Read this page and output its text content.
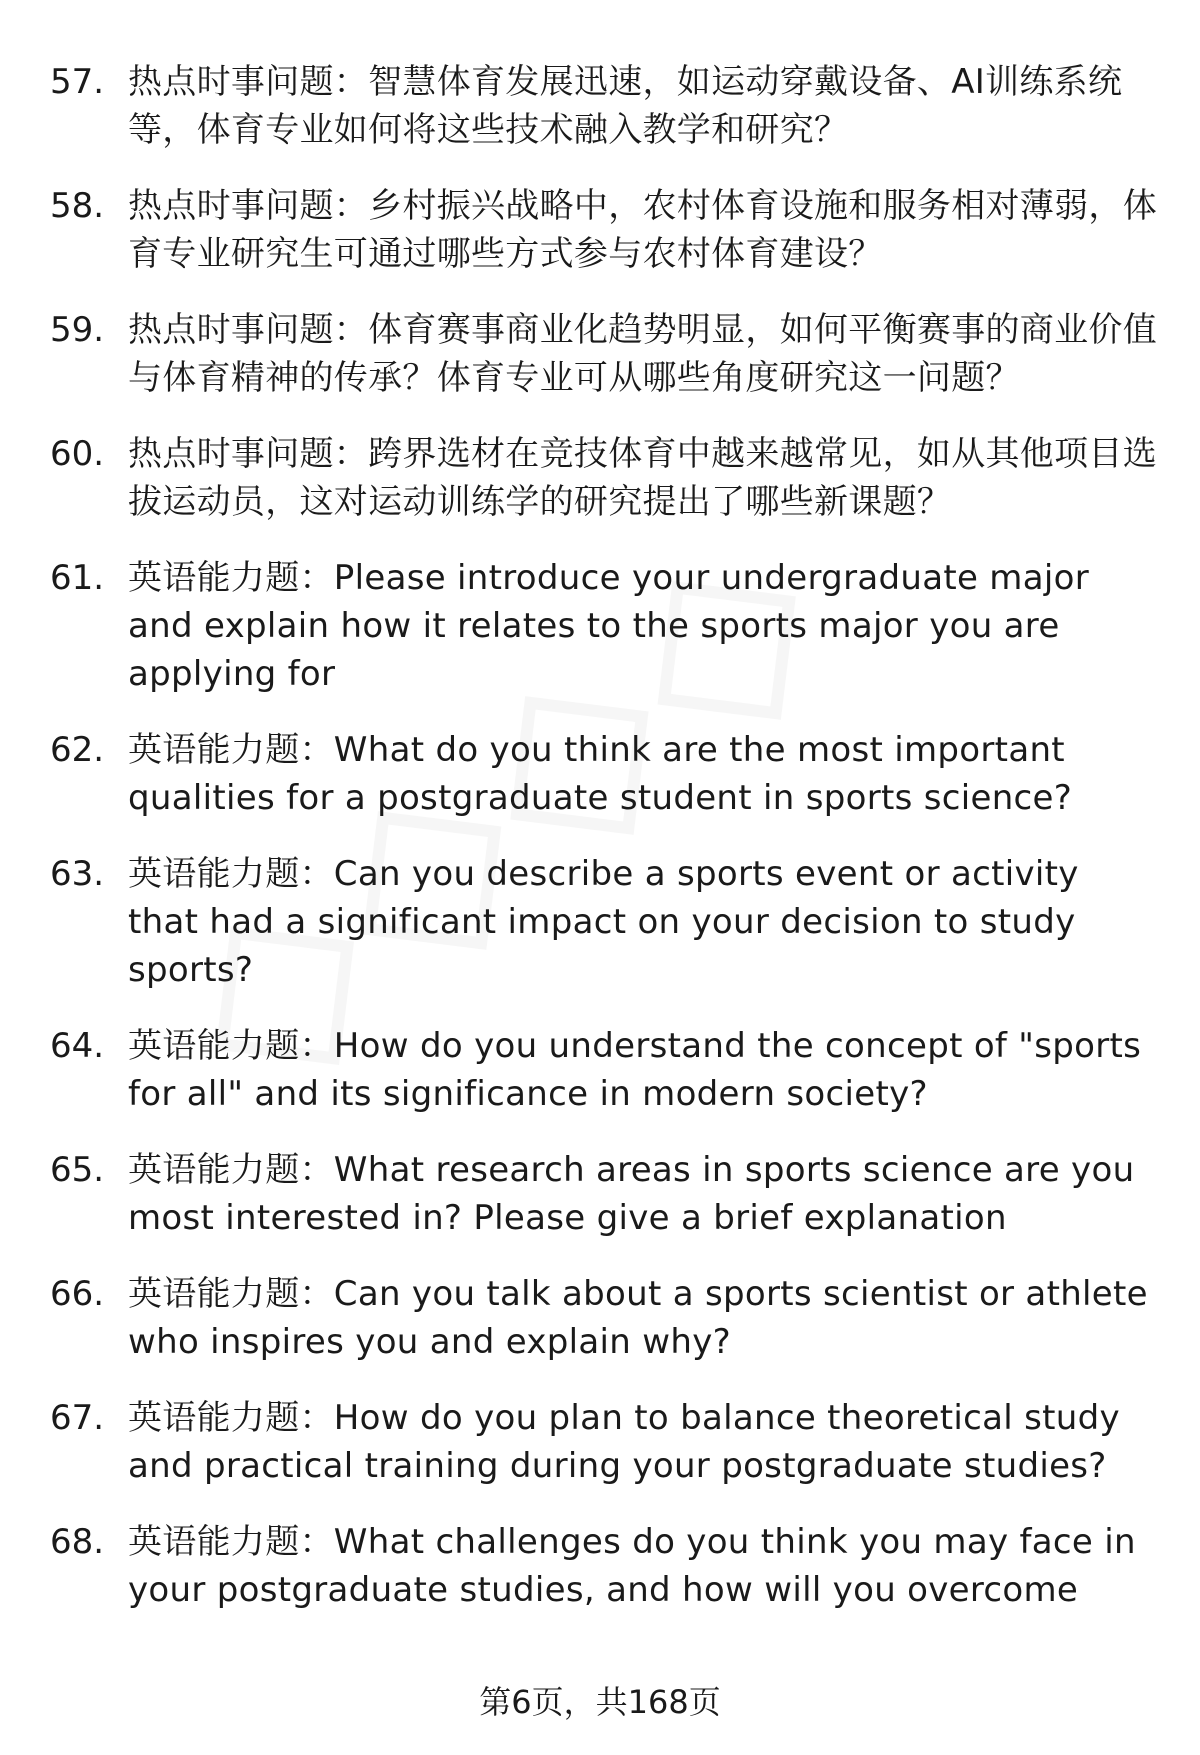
57. 热点时事问题：智慧体育发展迅速，如运动穿戴设备、AI训练系统等，体育专业如何将这些技术融入教学和研究？
58. 热点时事问题：乡村振兴战略中，农村体育设施和服务相对薄弱，体育专业研究生可通过哪些方式参与农村体育建设？
59. 热点时事问题：体育赛事商业化趋势明显，如何平衡赛事的商业价值与体育精神的传承？体育专业可从哪些角度研究这一问题？
60. 热点时事问题：跨界选材在竞技体育中越来越常见，如从其他项目选拔运动员，这对运动训练学的研究提出了哪些新课题？
61. 英语能力题：Please introduce your undergraduate major and explain how it relates to the sports major you are applying for
62. 英语能力题：What do you think are the most important qualities for a postgraduate student in sports science?
63. 英语能力题：Can you describe a sports event or activity that had a significant impact on your decision to study sports?
64. 英语能力题：How do you understand the concept of "sports for all" and its significance in modern society?
65. 英语能力题：What research areas in sports science are you most interested in? Please give a brief explanation
66. 英语能力题：Can you talk about a sports scientist or athlete who inspires you and explain why?
67. 英语能力题：How do you plan to balance theoretical study and practical training during your postgraduate studies?
68. 英语能力题：What challenges do you think you may face in your postgraduate studies, and how will you overcome
第6页，共168页
